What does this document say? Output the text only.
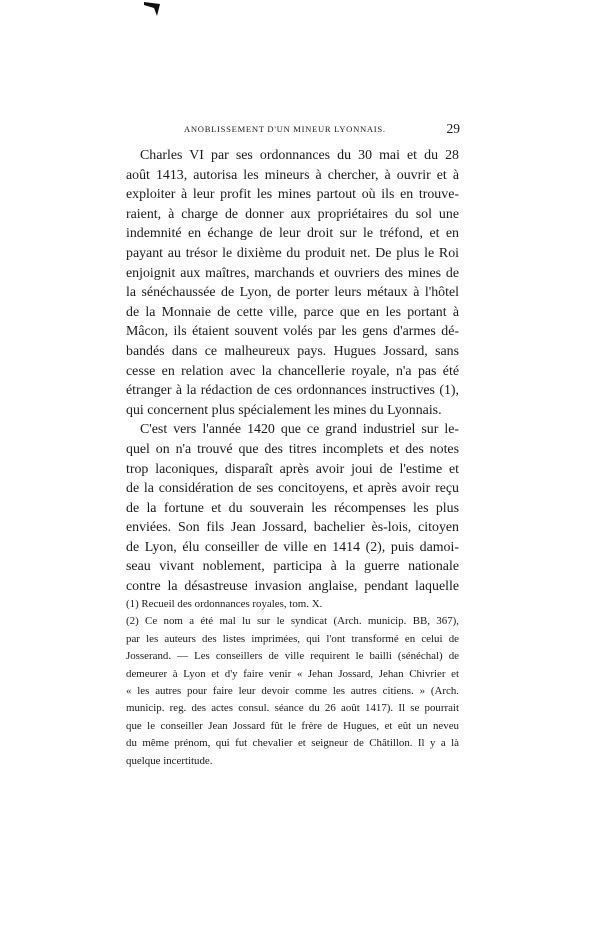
ANOBLISSEMENT D'UN MINEUR LYONNAIS.	29
Charles VI par ses ordonnances du 30 mai et du 28
août 1413, autorisa les mineurs à chercher, à ouvrir et à
exploiter à leur profit les mines partout où ils en trouve-
raient, à charge de donner aux propriétaires du sol une
indemnité en échange de leur droit sur le tréfond, et en
payant au trésor le dixième du produit net. De plus le Roi
enjoignit aux maîtres, marchands et ouvriers des mines de
la sénéchaussée de Lyon, de porter leurs métaux à l'hôtel
de la Monnaie de cette ville, parce que en les portant à
Mâcon, ils étaient souvent volés par les gens d'armes dé-
bandés dans ce malheureux pays. Hugues Jossard, sans
cesse en relation avec la chancellerie royale, n'a pas été
étranger à la rédaction de ces ordonnances instructives (1),
qui concernent plus spécialement les mines du Lyonnais.
C'est vers l'année 1420 que ce grand industriel sur le-
quel on n'a trouvé que des titres incomplets et des notes
trop laconiques, disparaît après avoir joui de l'estime et
de la considération de ses concitoyens, et après avoir reçu
de la fortune et du souverain les récompenses les plus
enviées. Son fils Jean Jossard, bachelier ès-lois, citoyen
de Lyon, élu conseiller de ville en 1414 (2), puis damoi-
seau vivant noblement, participa à la guerre nationale
contre la désastreuse invasion anglaise, pendant laquelle
(1) Recueil des ordonnances royales, tom. X.
(2) Ce nom a été mal lu sur le syndicat (Arch. municip. BB, 367),
par les auteurs des listes imprimées, qui l'ont transformé en celui de
Josserand. — Les conseillers de ville requirent le bailli (sénéchal) de
demeurer à Lyon et d'y faire venir « Jehan Jossard, Jehan Chivrier et
« les autres pour faire leur devoir comme les autres citiens. » (Arch.
municip. reg. des actes consul. séance du 26 août 1417). Il se pourrait
que le conseiller Jean Jossard fût le frère de Hugues, et eût un neveu
du même prénom, qui fut chevalier et seigneur de Châtillon. Il y a là
quelque incertitude.
